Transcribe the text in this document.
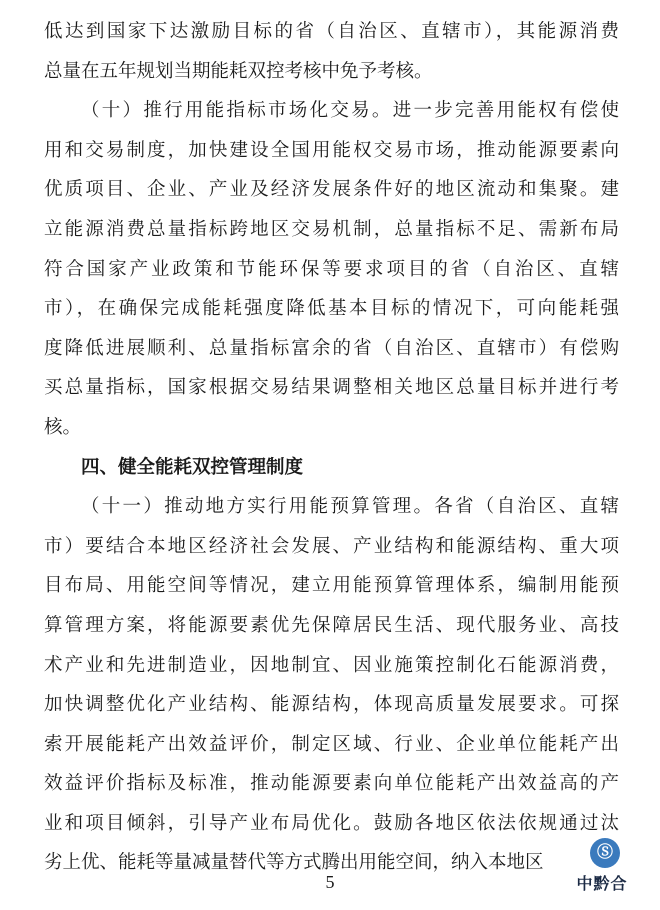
低达到国家下达激励目标的省（自治区、直辖市），其能源消费
总量在五年规划当期能耗双控考核中免予考核。
（十）推行用能指标市场化交易。进一步完善用能权有偿使
用和交易制度，加快建设全国用能权交易市场，推动能源要素向
优质项目、企业、产业及经济发展条件好的地区流动和集聚。建
立能源消费总量指标跨地区交易机制，总量指标不足、需新布局
符合国家产业政策和节能环保等要求项目的省（自治区、直辖
市），在确保完成能耗强度降低基本目标的情况下，可向能耗强
度降低进展顺利、总量指标富余的省（自治区、直辖市）有偿购
买总量指标，国家根据交易结果调整相关地区总量目标并进行考
核。
四、健全能耗双控管理制度
（十一）推动地方实行用能预算管理。各省（自治区、直辖
市）要结合本地区经济社会发展、产业结构和能源结构、重大项
目布局、用能空间等情况，建立用能预算管理体系，编制用能预
算管理方案，将能源要素优先保障居民生活、现代服务业、高技
术产业和先进制造业，因地制宜、因业施策控制化石能源消费，
加快调整优化产业结构、能源结构，体现高质量发展要求。可探
索开展能耗产出效益评价，制定区域、行业、企业单位能耗产出
效益评价指标及标准，推动能源要素向单位能耗产出效益高的产
业和项目倾斜，引导产业布局优化。鼓励各地区依法依规通过汰
劣上优、能耗等量减量替代等方式腾出用能空间，纳入本地区
5
Ⓢ
中黔合
